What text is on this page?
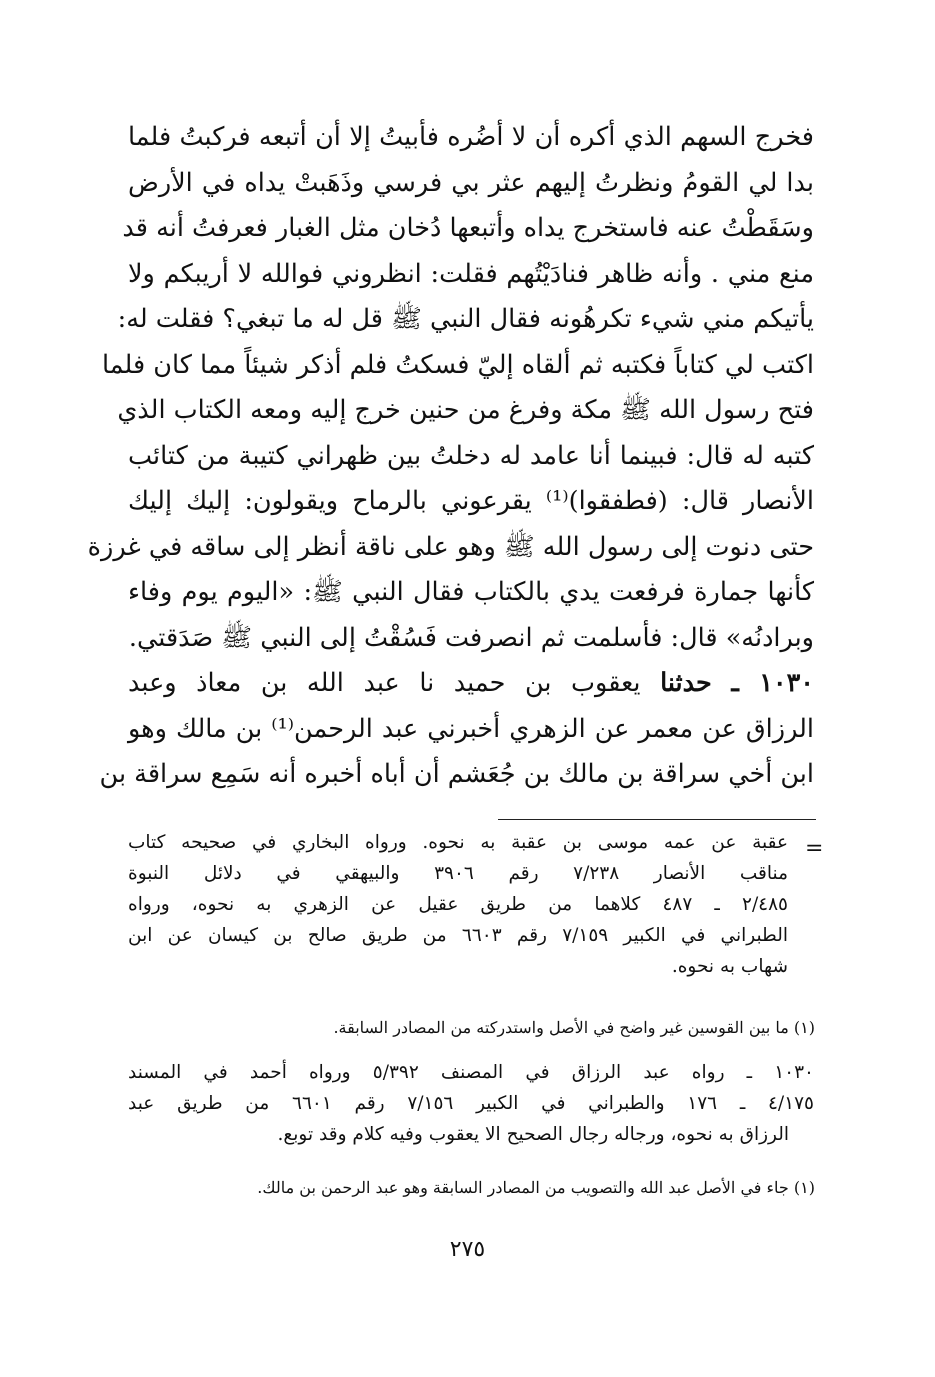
فخرج السهم الذي أكره أن لا أضُره فأبيتُ إلا أن أتبعه فركبتُ فلما
بدا لي القومُ ونظرتُ إليهم عثر بي فرسي وذَهَبتْ يداه في الأرض
وسَقَطْتُ عنه فاستخرج يداه وأتبعها دُخان مثل الغبار فعرفتُ أنه قد
منع مني . وأنه ظاهر فنادَيْتُهم فقلت: انظروني فوالله لا أريبكم ولا
يأتيكم مني شيء تكرهُونه فقال النبي ﷺ قل له ما تبغي؟ فقلت له:
اكتب لي كتاباً فكتبه ثم ألقاه إليّ فسكتُ فلم أذكر شيئاً مما كان فلما
فتح رسول الله ﷺ مكة وفرغ من حنين خرج إليه ومعه الكتاب الذي
كتبه له قال: فبينما أنا عامد له دخلتُ بين ظهراني كتيبة من كتائب
الأنصار قال: (فطفقوا)⁽¹⁾ يقرعوني بالرماح ويقولون: إليك إليك
حتى دنوت إلى رسول الله ﷺ وهو على ناقة أنظر إلى ساقه في غرزة
كأنها جمارة فرفعت يدي بالكتاب فقال النبي ﷺ: «اليوم يوم وفاء
وبرادنُه» قال: فأسلمت ثم انصرفت فَسُقْتُ إلى النبي ﷺ صَدَقتي.
١٠٣٠ ـ حدثنا يعقوب بن حميد نا عبد الله بن معاذ وعبد
الرزاق عن معمر عن الزهري أخبرني عبد الرحمن⁽¹⁾ بن مالك وهو
ابن أخي سراقة بن مالك بن جُعَشم أن أباه أخبره أنه سَمِع سراقة بن
=
عقبة عن عمه موسى بن عقبة به نحوه. ورواه البخاري في صحيحه كتاب
مناقب الأنصار ٧/٢٣٨ رقم ٣٩٠٦ والبيهقي في دلائل النبوة
٢/٤٨٥ ـ ٤٨٧ كلاهما من طريق عقيل عن الزهري به نحوه، ورواه
الطبراني في الكبير ٧/١٥٩ رقم ٦٦٠٣ من طريق صالح بن كيسان عن ابن
شهاب به نحوه.
(١) ما بين القوسين غير واضح في الأصل واستدركته من المصادر السابقة.
١٠٣٠ ـ رواه عبد الرزاق في المصنف ٥/٣٩٢ ورواه أحمد في المسند
٤/١٧٥ ـ ١٧٦ والطبراني في الكبير ٧/١٥٦ رقم ٦٦٠١ من طريق عبد
الرزاق به نحوه، ورجاله رجال الصحيح الا يعقوب وفيه كلام وقد توبع.
(١) جاء في الأصل عبد الله والتصويب من المصادر السابقة وهو عبد الرحمن بن مالك.
٢٧٥
